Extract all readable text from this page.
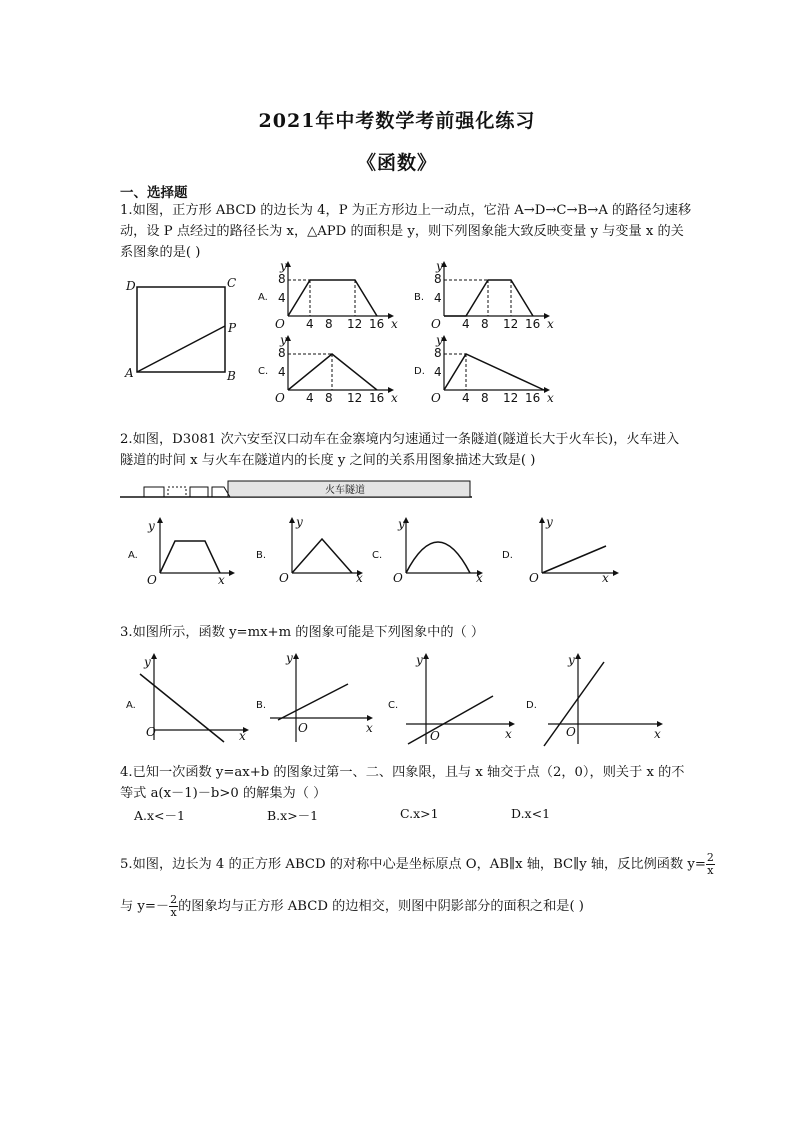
2021年中考数学考前强化练习
《函数》
一、选择题
1.如图，正方形 ABCD 的边长为 4，P 为正方形边上一动点，它沿 A→D→C→B→A 的路径匀速移
动，设 P 点经过的路径长为 x，△APD 的面积是 y，则下列图象能大致反映变量 y 与变量 x 的关
系图象的是( )
D	C
A	B
P
A.
y
8
4
O 4 8 12 16 x
B.
y
8
4
O 4 8 12 16 x
C.
y
8
4
O 4 8 12 16 x
D.
y
8
4
O 4 8 12 16 x
2.如图，D3081 次六安至汉口动车在金寨境内匀速通过一条隧道(隧道长大于火车长)，火车进入
隧道的时间 x 与火车在隧道内的长度 y 之间的关系用图象描述大致是( )
火车隧道
A.
y
O	x
B.
y
O	x
C.
y
O	x
D.
y
O	x
3.如图所示，函数 y=mx+m 的图象可能是下列图象中的（ ）
A.
y
O	x
B.
y
O	x
C.
y
O	x
D.
y
O	x
4.已知一次函数 y=ax+b 的图象过第一、二、四象限，且与 x 轴交于点（2，0），则关于 x 的不
等式 a(x－1)－b>0 的解集为（ ）
A.x<－1	B.x>－1	C.x>1	D.x<1
5.如图，边长为 4 的正方形 ABCD 的对称中心是坐标原点 O，AB∥x 轴，BC∥y 轴，反比例函数 $y= \frac{2}{x}$
与 $y=- \frac{2}{x}$ 的图象均与正方形 ABCD 的边相交，则图中阴影部分的面积之和是( )
